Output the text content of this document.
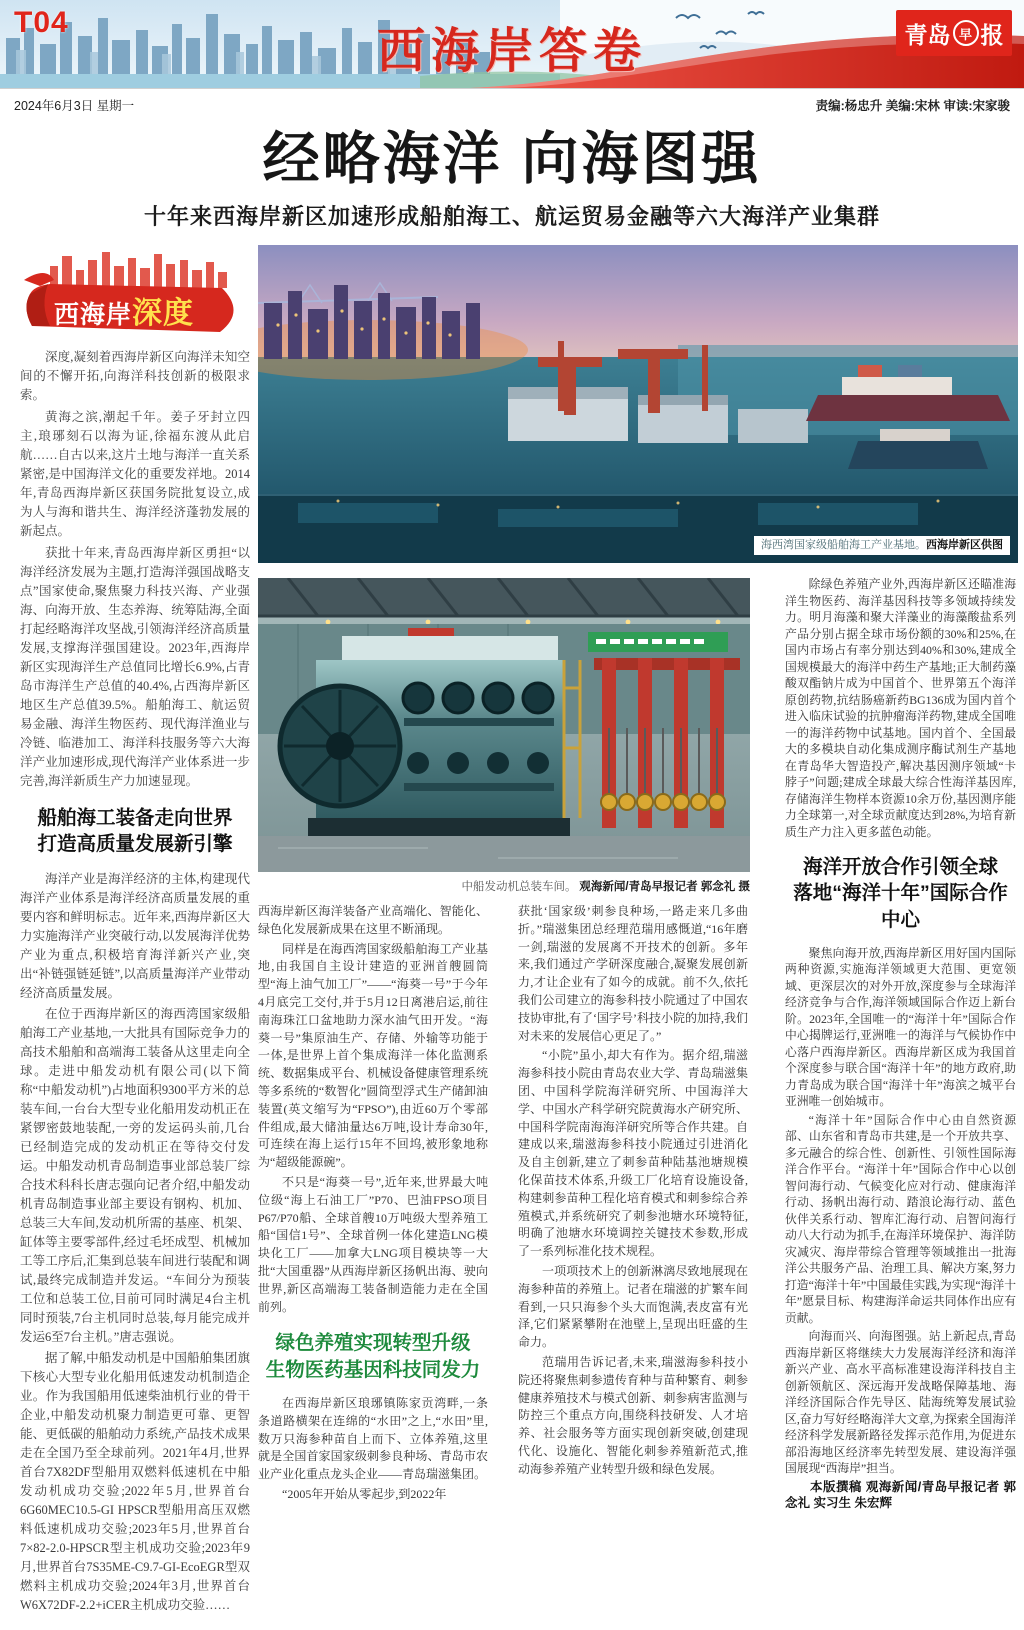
T04
西海岸答卷	青岛 早 报
2024年6月3日 星期一	责编:杨忠升 美编:宋林 审读:宋家骏
经略海洋 向海图强
十年来西海岸新区加速形成船舶海工、航运贸易金融等六大海洋产业集群
西海岸深度

深度,凝刻着西海岸新区向海洋未知空间的不懈开拓,向海洋科技创新的极限求索。

黄海之滨,潮起千年。姜子牙封立四主,琅琊刻石以海为证,徐福东渡从此启航……自古以来,这片土地与海洋一直关系紧密,是中国海洋文化的重要发祥地。2014年,青岛西海岸新区获国务院批复设立,成为人与海和谐共生、海洋经济蓬勃发展的新起点。

获批十年来,青岛西海岸新区勇担“以海洋经济发展为主题,打造海洋强国战略支点”国家使命,聚焦聚力科技兴海、产业强海、向海开放、生态养海、统筹陆海,全面打起经略海洋攻坚战,引领海洋经济高质量发展,支撑海洋强国建设。2023年,西海岸新区实现海洋生产总值同比增长6.9%,占青岛市海洋生产总值的40.4%,占西海岸新区地区生产总值39.5%。船舶海工、航运贸易金融、海洋生物医药、现代海洋渔业与冷链、临港加工、海洋科技服务等六大海洋产业加速形成,现代海洋产业体系进一步完善,海洋新质生产力加速显现。

船舶海工装备走向世界
打造高质量发展新引擎

海洋产业是海洋经济的主体,构建现代海洋产业体系是海洋经济高质量发展的重要内容和鲜明标志。近年来,西海岸新区大力实施海洋产业突破行动,以发展海洋优势产业为重点,积极培育海洋新兴产业,突出“补链强链延链”,以高质量海洋产业带动经济高质量发展。

在位于西海岸新区的海西湾国家级船舶海工产业基地,一大批具有国际竞争力的高技术船舶和高端海工装备从这里走向全球。走进中船发动机有限公司(以下简称“中船发动机”)占地面积9300平方米的总装车间,一台台大型专业化船用发动机正在紧锣密鼓地装配,一旁的发运码头前,几台已经制造完成的发动机正在等待交付发运。中船发动机青岛制造事业部总装厂综合技术科科长唐志强向记者介绍,中船发动机青岛制造事业部主要设有钢构、机加、总装三大车间,发动机所需的基座、机架、缸体等主要零部件,经过毛坯成型、机械加工等工序后,汇集到总装车间进行装配和调试,最终完成制造并发运。“车间分为预装工位和总装工位,目前可同时满足4台主机同时预装,7台主机同时总装,每月能完成并发运6至7台主机。”唐志强说。

据了解,中船发动机是中国船舶集团旗下核心大型专业化船用低速发动机制造企业。作为我国船用低速柴油机行业的骨干企业,中船发动机聚力制造更可靠、更智能、更低碳的船舶动力系统,产品技术成果走在全国乃至全球前列。2021年4月,世界首台7X82DF型船用双燃料低速机在中船发动机成功交验;2022年5月,世界首台6G60MEC10.5-GI HPSCR型船用高压双燃料低速机成功交验;2023年5月,世界首台7×82-2.0-HPSCR型主机成功交验;2023年9月,世界首台7S35ME-C9.7-GI-EcoEGR型双燃料主机成功交验;2024年3月,世界首台W6X72DF-2.2+iCER主机成功交验……

海西湾国家级船舶海工产业基地。西海岸新区供图
中船发动机总装车间。 观海新闻/青岛早报记者 郭念礼 摄

西海岸新区海洋装备产业高端化、智能化、绿色化发展新成果在这里不断涌现。

同样是在海西湾国家级船舶海工产业基地,由我国自主设计建造的亚洲首艘圆筒型“海上油气加工厂”——“海葵一号”于今年4月底完工交付,并于5月12日离港启运,前往南海珠江口盆地助力深水油气田开发。“海葵一号”集原油生产、存储、外输等功能于一体,是世界上首个集成海洋一体化监测系统、数据集成平台、机械设备健康管理系统等多系统的“数智化”圆筒型浮式生产储卸油装置(英文缩写为“FPSO”),由近60万个零部件组成,最大储油量达6万吨,设计寿命30年,可连续在海上运行15年不回坞,被形象地称为“超级能源碗”。

不只是“海葵一号”,近年来,世界最大吨位级“海上石油工厂”P70、巴油FPSO项目P67/P70船、全球首艘10万吨级大型养殖工船“国信1号”、全球首例一体化建造LNG模块化工厂——加拿大LNG项目模块等一大批“大国重器”从西海岸新区扬帆出海、驶向世界,新区高端海工装备制造能力走在全国前列。

绿色养殖实现转型升级
生物医药基因科技同发力

在西海岸新区琅琊镇陈家贡湾畔,一条条道路横架在连绵的“水田”之上,“水田”里,数万只海参种苗自上而下、立体养殖,这里就是全国首家国家级刺参良种场、青岛市农业产业化重点龙头企业——青岛瑞滋集团。

“2005年开始从零起步,到2022年

获批‘国家级’刺参良种场,一路走来几多曲折。”瑞滋集团总经理范瑞用感慨道,“16年磨一剑,瑞滋的发展离不开技术的创新。多年来,我们通过产学研深度融合,凝聚发展创新力,才让企业有了如今的成就。前不久,依托我们公司建立的海参科技小院通过了中国农技协审批,有了‘国字号’科技小院的加持,我们对未来的发展信心更足了。”

“小院”虽小,却大有作为。据介绍,瑞滋海参科技小院由青岛农业大学、青岛瑞滋集团、中国科学院海洋研究所、中国海洋大学、中国水产科学研究院黄海水产研究所、中国科学院南海海洋研究所等合作共建。自建成以来,瑞滋海参科技小院通过引进消化及自主创新,建立了刺参苗种陆基池塘规模化保苗技术体系,升级工厂化培育设施设备,构建刺参苗种工程化培育模式和刺参综合养殖模式,并系统研究了刺参池塘水环境特征,明确了池塘水环境调控关键技术参数,形成了一系列标准化技术规程。

一项项技术上的创新淋漓尽致地展现在海参种苗的养殖上。记者在瑞滋的扩繁车间看到,一只只海参个头大而饱满,表皮富有光泽,它们紧紧攀附在池壁上,呈现出旺盛的生命力。

范瑞用告诉记者,未来,瑞滋海参科技小院还将聚焦刺参遗传育种与苗种繁育、刺参健康养殖技术与模式创新、刺参病害监测与防控三个重点方向,围绕科技研发、人才培养、社会服务等方面实现创新突破,创建现代化、设施化、智能化刺参养殖新范式,推动海参养殖产业转型升级和绿色发展。

除绿色养殖产业外,西海岸新区还瞄准海洋生物医药、海洋基因科技等多领域持续发力。明月海藻和聚大洋藻业的海藻酸盐系列产品分别占据全球市场份额的30%和25%,在国内市场占有率分别达到40%和30%,建成全国规模最大的海洋中药生产基地;正大制药藻酸双酯钠片成为中国首个、世界第五个海洋原创药物,抗结肠癌新药BG136成为国内首个进入临床试验的抗肿瘤海洋药物,建成全国唯一的海洋药物中试基地。国内首个、全国最大的多模块自动化集成测序酶试剂生产基地在青岛华大智造投产,解决基因测序领域“卡脖子”问题;建成全球最大综合性海洋基因库,存储海洋生物样本资源10余万份,基因测序能力全球第一,对全球贡献度达到28%,为培育新质生产力注入更多蓝色动能。

海洋开放合作引领全球
落地“海洋十年”国际合作中心

聚焦向海开放,西海岸新区用好国内国际两种资源,实施海洋领域更大范围、更宽领域、更深层次的对外开放,深度参与全球海洋经济竞争与合作,海洋领域国际合作迈上新台阶。2023年,全国唯一的“海洋十年”国际合作中心揭牌运行,亚洲唯一的海洋与气候协作中心落户西海岸新区。西海岸新区成为我国首个深度参与联合国“海洋十年”的地方政府,助力青岛成为联合国“海洋十年”海滨之城平台亚洲唯一创始城市。

“海洋十年”国际合作中心由自然资源部、山东省和青岛市共建,是一个开放共享、多元融合的综合性、创新性、引领性国际海洋合作平台。“海洋十年”国际合作中心以创智问海行动、气候变化应对行动、健康海洋行动、扬帆出海行动、踏浪论海行动、蓝色伙伴关系行动、智库汇海行动、启智问海行动八大行动为抓手,在海洋环境保护、海洋防灾减灾、海岸带综合管理等领域推出一批海洋公共服务产品、治理工具、解决方案,努力打造“海洋十年”中国最佳实践,为实现“海洋十年”愿景目标、构建海洋命运共同体作出应有贡献。

向海而兴、向海图强。站上新起点,青岛西海岸新区将继续大力发展海洋经济和海洋新兴产业、高水平高标准建设海洋科技自主创新领航区、深远海开发战略保障基地、海洋经济国际合作先导区、陆海统筹发展试验区,奋力写好经略海洋大文章,为探索全国海洋经济科学发展新路径发挥示范作用,为促进东部沿海地区经济率先转型发展、建设海洋强国展现“西海岸”担当。

本版撰稿 观海新闻/青岛早报记者 郭念礼 实习生 朱宏辉
